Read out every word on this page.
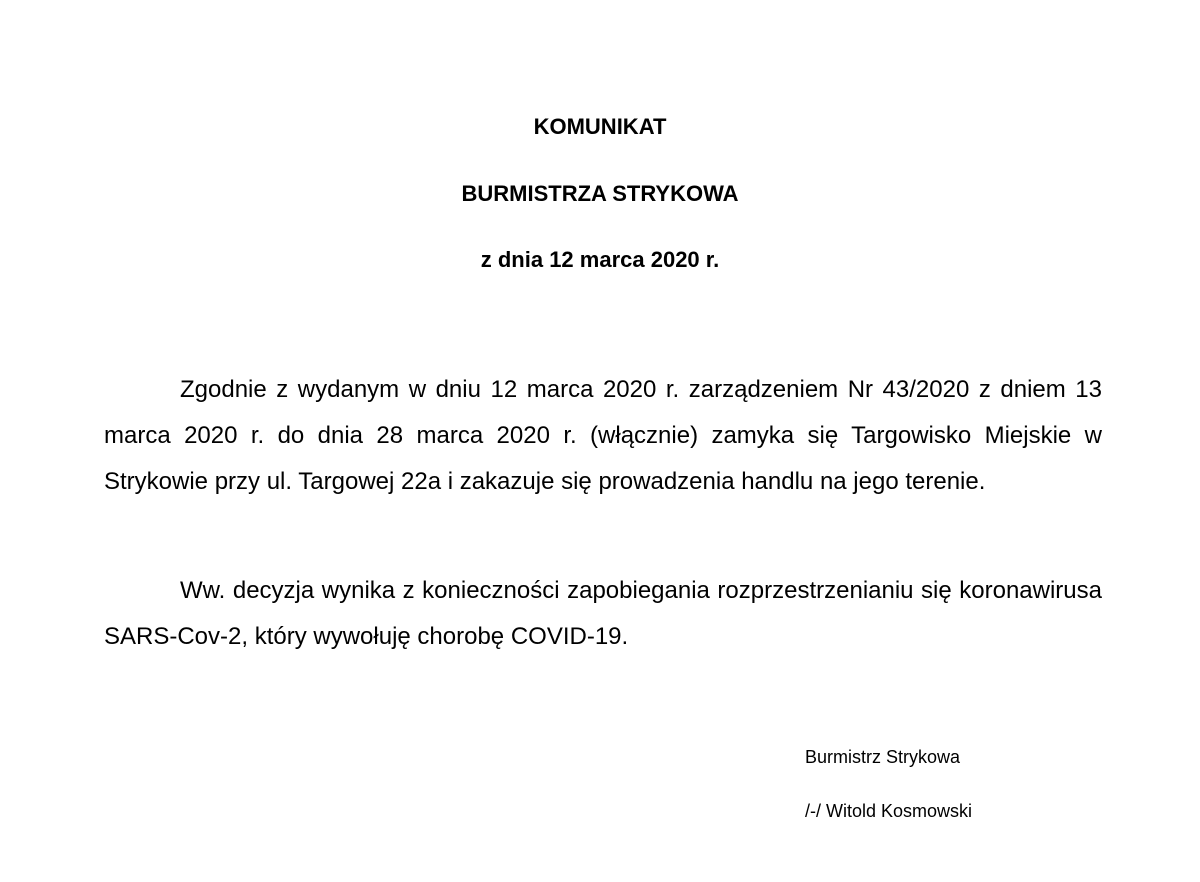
KOMUNIKAT
BURMISTRZA STRYKOWA
z dnia 12 marca 2020 r.
Zgodnie z wydanym w dniu 12 marca 2020 r. zarządzeniem Nr 43/2020 z dniem 13 marca 2020 r. do dnia 28 marca 2020 r. (włącznie) zamyka się Targowisko Miejskie w Strykowie przy ul. Targowej 22a i zakazuje się prowadzenia handlu na jego terenie.
Ww. decyzja wynika z konieczności zapobiegania rozprzestrzenianiu się koronawirusa SARS-Cov-2, który wywołuję chorobę COVID-19.
Burmistrz Strykowa
/-/ Witold Kosmowski
